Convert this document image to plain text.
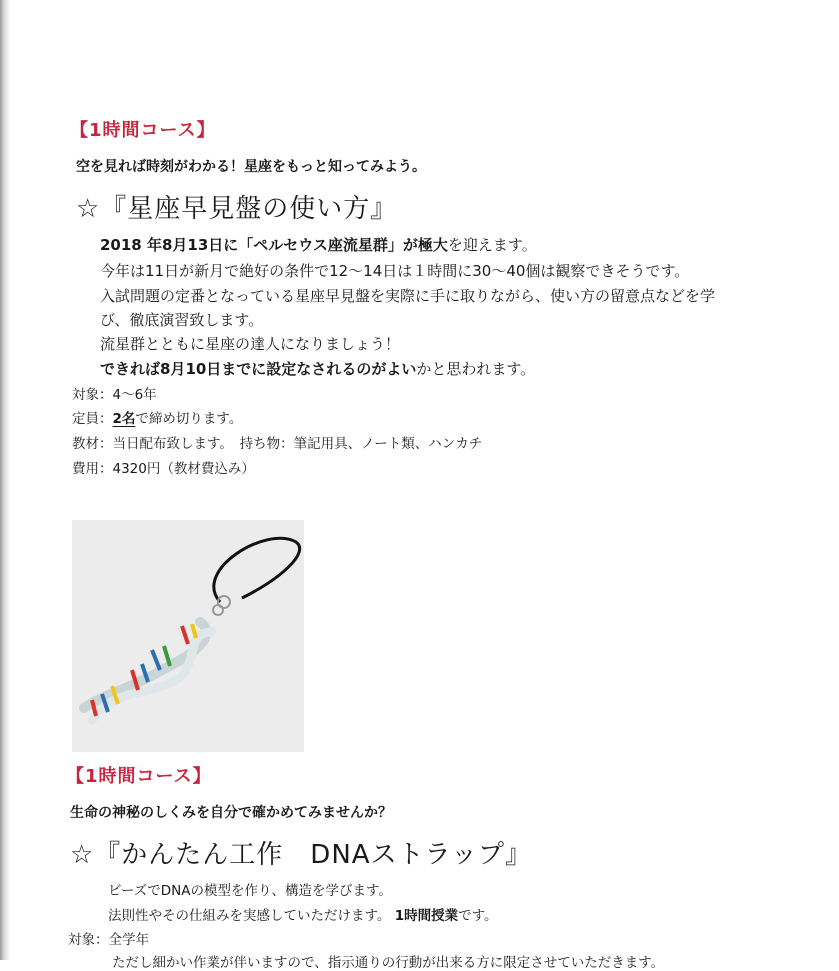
【1時間コース】
空を見れば時刻がわかる！星座をもっと知ってみよう。
☆『星座早見盤の使い方』
2018 年8月13日に「ペルセウス座流星群」が極大を迎えます。
今年は11日が新月で絶好の条件で12～14日は１時間に30～40個は観察できそうです。
入試問題の定番となっている星座早見盤を実際に手に取りながら、使い方の留意点などを学
び、徹底演習致します。
流星群とともに星座の達人になりましょう！
できれば8月10日までに設定なされるのがよいかと思われます。
対象：4～6年
定員：2名で締め切ります。
教材：当日配布致します。　持ち物：筆記用具、ノート類、ハンカチ
費用：4320円（教材費込み）
【1時間コース】
生命の神秘のしくみを自分で確かめてみませんか？
☆『かんたん工作　DNAストラップ』
ビーズでDNAの模型を作り、構造を学びます。
法則性やその仕組みを実感していただけます。 1時間授業です。
対象：全学年
ただし細かい作業が伴いますので、指示通りの行動が出来る方に限定させていただきます。
